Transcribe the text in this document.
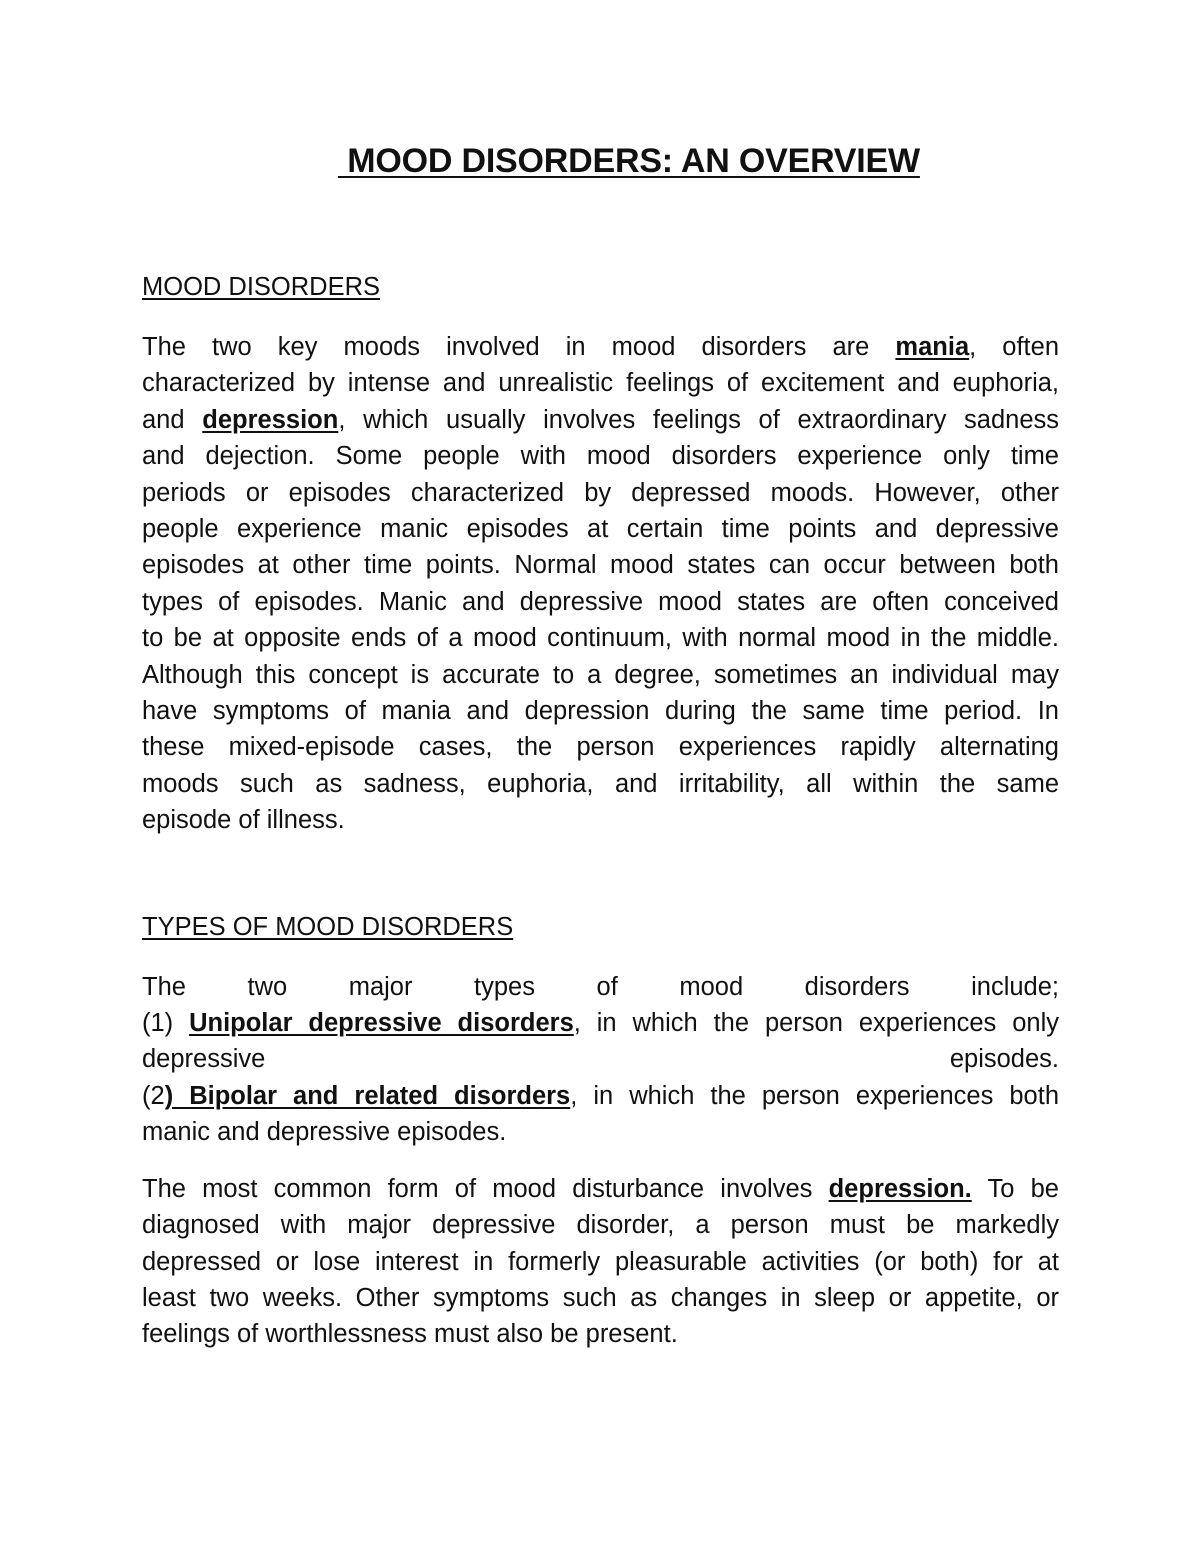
MOOD DISORDERS: AN OVERVIEW
MOOD DISORDERS
The two key moods involved in mood disorders are mania, often
characterized by intense and unrealistic feelings of excitement and euphoria,
and depression, which usually involves feelings of extraordinary sadness
and dejection. Some people with mood disorders experience only time
periods or episodes characterized by depressed moods. However, other
people experience manic episodes at certain time points and depressive
episodes at other time points. Normal mood states can occur between both
types of episodes. Manic and depressive mood states are often conceived
to be at opposite ends of a mood continuum, with normal mood in the middle.
Although this concept is accurate to a degree, sometimes an individual may
have symptoms of mania and depression during the same time period. In
these mixed-episode cases, the person experiences rapidly alternating
moods such as sadness, euphoria, and irritability, all within the same
episode of illness.
TYPES OF MOOD DISORDERS
The two major types of mood disorders include;
(1) Unipolar depressive disorders, in which the person experiences only
depressive episodes.
(2) Bipolar and related disorders, in which the person experiences both
manic and depressive episodes.
The most common form of mood disturbance involves depression. To be
diagnosed with major depressive disorder, a person must be markedly
depressed or lose interest in formerly pleasurable activities (or both) for at
least two weeks. Other symptoms such as changes in sleep or appetite, or
feelings of worthlessness must also be present.
